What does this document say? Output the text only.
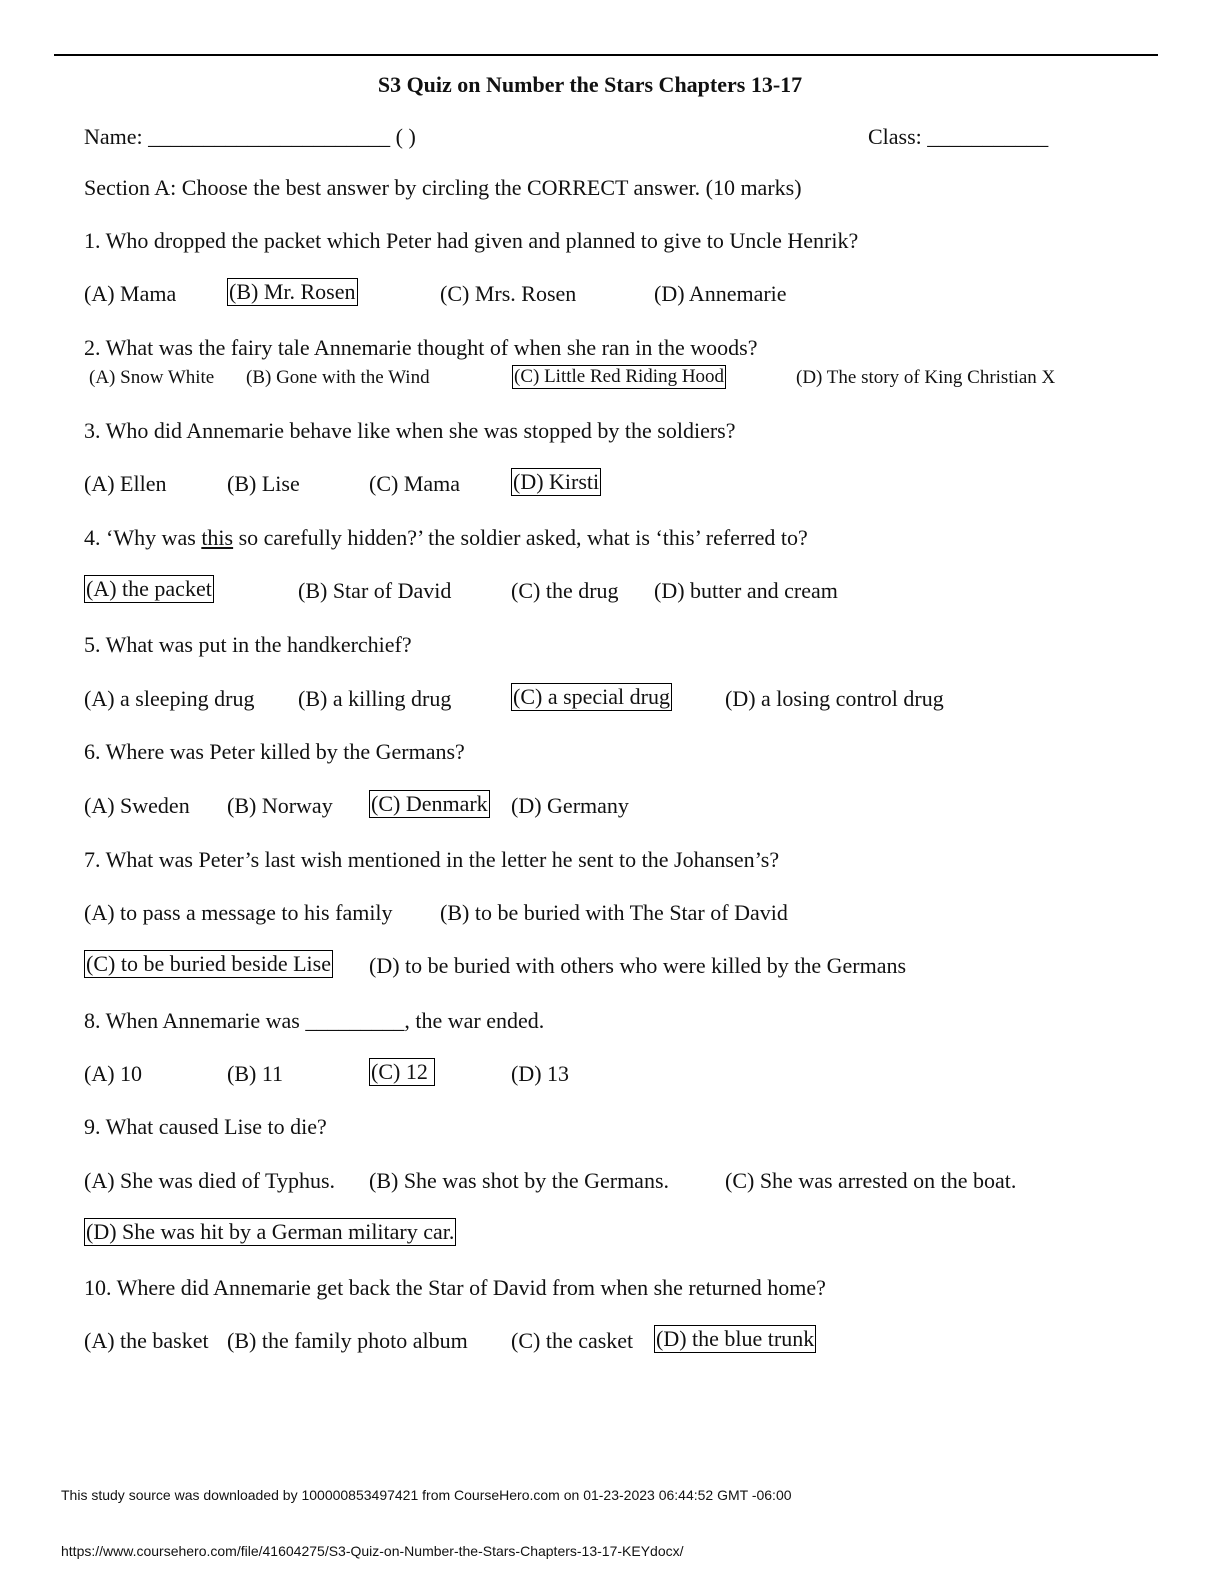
S3 Quiz on Number the Stars Chapters 13-17
Name: ______________________ ( )	Class: ___________
Section A: Choose the best answer by circling the CORRECT answer. (10 marks)
1. Who dropped the packet which Peter had given and planned to give to Uncle Henrik?
(A) Mama (B) Mr. Rosen	(C) Mrs. Rosen	(D) Annemarie
2. What was the fairy tale Annemarie thought of when she ran in the woods?
(A) Snow White (B) Gone with the Wind	(C) Little Red Riding Hood	(D) The story of King Christian X
3. Who did Annemarie behave like when she was stopped by the soldiers?
(A) Ellen	(B) Lise	(C) Mama (D) Kirsti
4. ‘Why was this so carefully hidden?’ the soldier asked, what is ‘this’ referred to?
(A) the packet	(B) Star of David	(C) the drug (D) butter and cream
5. What was put in the handkerchief?
(A) a sleeping drug (B) a killing drug	(C) a special drug	(D) a losing control drug
6. Where was Peter killed by the Germans?
(A) Sweden (B) Norway (C) Denmark (D) Germany
7. What was Peter’s last wish mentioned in the letter he sent to the Johansen’s?
(A) to pass a message to his family (B) to be buried with The Star of David
(C) to be buried beside Lise (D) to be buried with others who were killed by the Germans
8. When Annemarie was _________, the war ended.
(A) 10	(B) 11	(C) 12	(D) 13
9. What caused Lise to die?
(A) She was died of Typhus. (B) She was shot by the Germans.	(C) She was arrested on the boat.
(D) She was hit by a German military car.
10. Where did Annemarie get back the Star of David from when she returned home?
(A) the basket (B) the family photo album (C) the casket (D) the blue trunk
This study source was downloaded by 100000853497421 from CourseHero.com on 01-23-2023 06:44:52 GMT -06:00
https://www.coursehero.com/file/41604275/S3-Quiz-on-Number-the-Stars-Chapters-13-17-KEYdocx/
